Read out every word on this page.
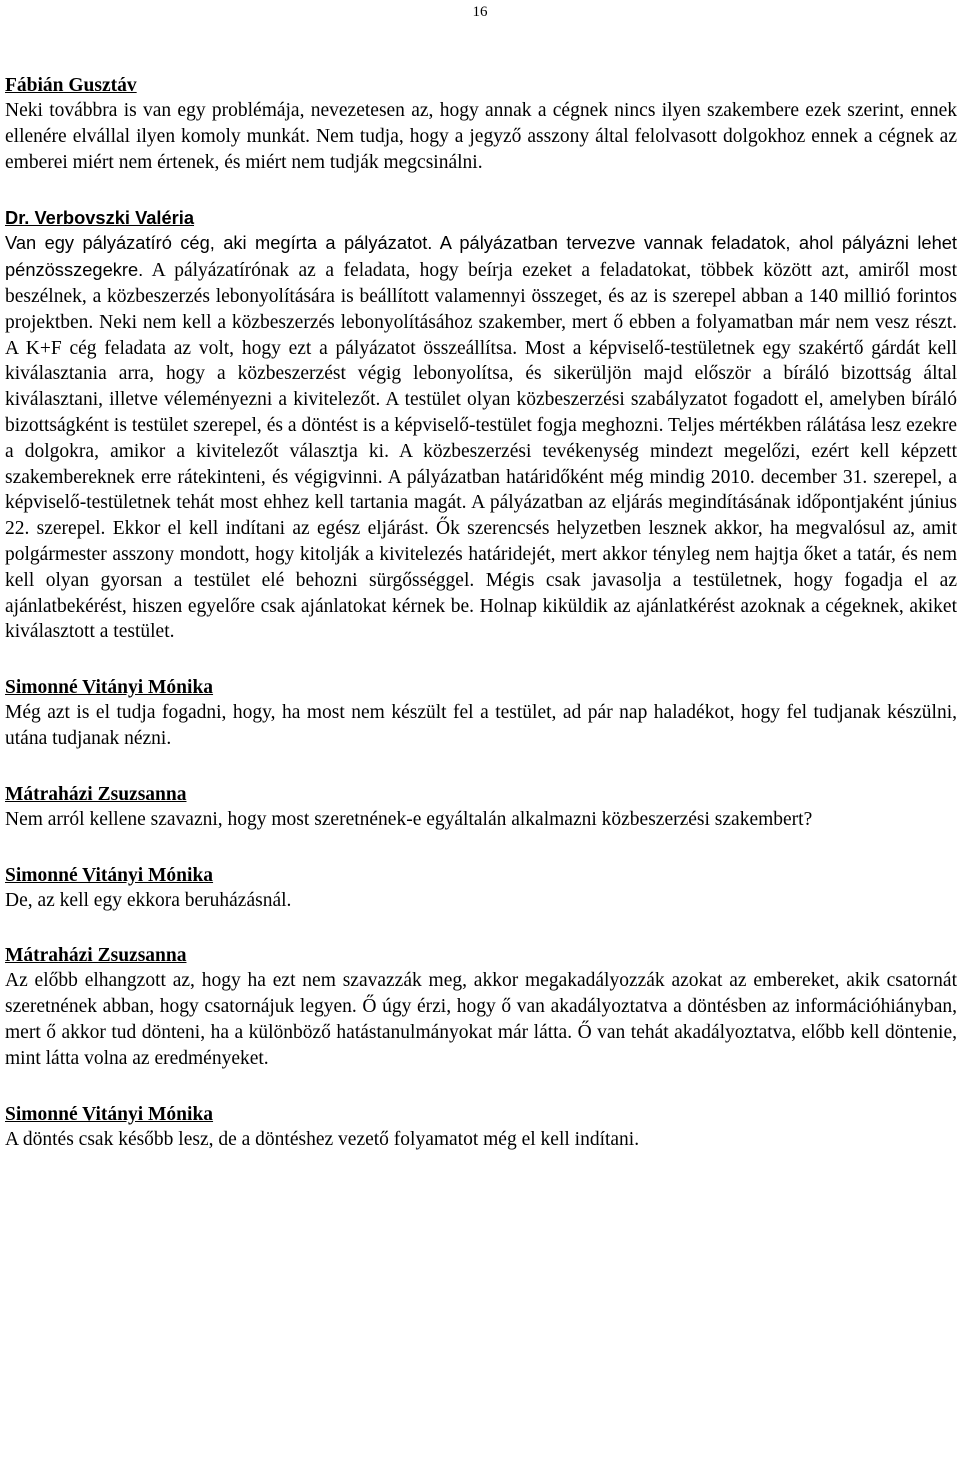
16

Fábián Gusztáv

Neki továbbra is van egy problémája, nevezetesen az, hogy annak a cégnek nincs ilyen szakembere ezek szerint, ennek ellenére elvállal ilyen komoly munkát. Nem tudja, hogy a jegyző asszony által felolvasott dolgokhoz ennek a cégnek az emberei miért nem értenek, és miért nem tudják megcsinálni.

Dr. Verbovszki Valéria

Van egy pályázatíró cég, aki megírta a pályázatot. A pályázatban tervezve vannak feladatok, ahol pályázni lehet pénzösszegekre. A pályázatírónak az a feladata, hogy beírja ezeket a feladatokat, többek között azt, amiről most beszélnek, a közbeszerzés lebonyolítására is beállított valamennyi összeget, és az is szerepel abban a 140 millió forintos projektben. Neki nem kell a közbeszerzés lebonyolításához szakember, mert ő ebben a folyamatban már nem vesz részt. A K+F cég feladata az volt, hogy ezt a pályázatot összeállítsa. Most a képviselő-testületnek egy szakértő gárdát kell kiválasztania arra, hogy a közbeszerzést végig lebonyolítsa, és sikerüljön majd először a bíráló bizottság által kiválasztani, illetve véleményezni a kivitelezőt. A testület olyan közbeszerzési szabályzatot fogadott el, amelyben bíráló bizottságként is testület szerepel, és a döntést is a képviselő-testület fogja meghozni. Teljes mértékben rálátása lesz ezekre a dolgokra, amikor a kivitelezőt választja ki. A közbeszerzési tevékenység mindezt megelőzi, ezért kell képzett szakembereknek erre rátekinteni, és végigvinni. A pályázatban határidőként még mindig 2010. december 31. szerepel, a képviselő-testületnek tehát most ehhez kell tartania magát. A pályázatban az eljárás megindításának időpontjaként június 22. szerepel. Ekkor el kell indítani az egész eljárást. Ők szerencsés helyzetben lesznek akkor, ha megvalósul az, amit polgármester asszony mondott, hogy kitolják a kivitelezés határidejét, mert akkor tényleg nem hajtja őket a tatár, és nem kell olyan gyorsan a testület elé behozni sürgősséggel. Mégis csak javasolja a testületnek, hogy fogadja el az ajánlatbekérést, hiszen egyelőre csak ajánlatokat kérnek be. Holnap kiküldik az ajánlatkérést azoknak a cégeknek, akiket kiválasztott a testület.

Simonné Vitányi Mónika

Még azt is el tudja fogadni, hogy, ha most nem készült fel a testület, ad pár nap haladékot, hogy fel tudjanak készülni, utána tudjanak nézni.

Mátraházi Zsuzsanna

Nem arról kellene szavazni, hogy most szeretnének-e egyáltalán alkalmazni közbeszerzési szakembert?

Simonné Vitányi Mónika

De, az kell egy ekkora beruházásnál.

Mátraházi Zsuzsanna

Az előbb elhangzott az, hogy ha ezt nem szavazzák meg, akkor megakadályozzák azokat az embereket, akik csatornát szeretnének abban, hogy csatornájuk legyen. Ő úgy érzi, hogy ő van akadályoztatva a döntésben az információhiányban, mert ő akkor tud dönteni, ha a különböző hatástanulmányokat már látta. Ő van tehát akadályoztatva, előbb kell döntenie, mint látta volna az eredményeket.

Simonné Vitányi Mónika

A döntés csak később lesz, de a döntéshez vezető folyamatot még el kell indítani.
